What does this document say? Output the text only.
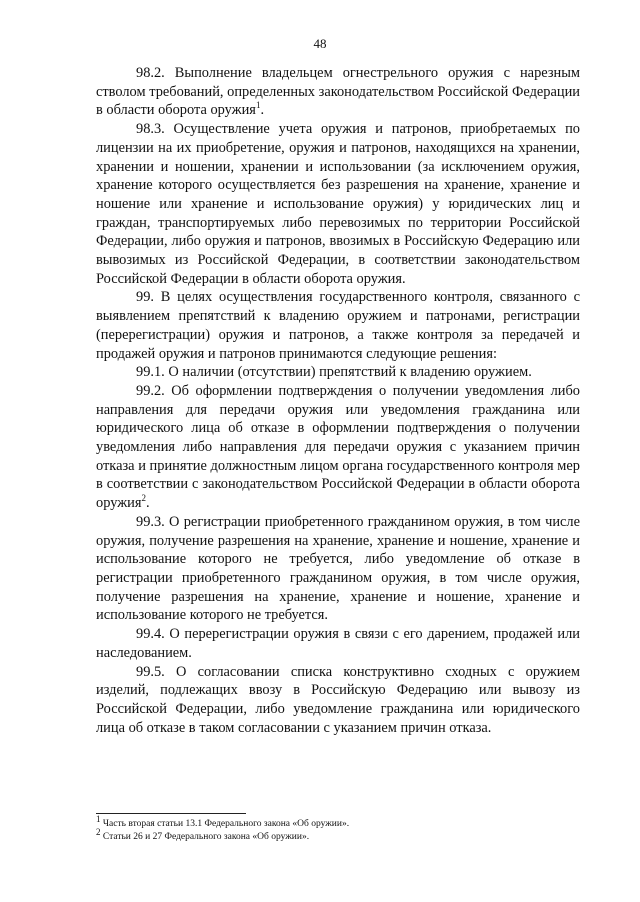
48

98.2. Выполнение владельцем огнестрельного оружия с нарезным стволом требований, определенных законодательством Российской Федерации в области оборота оружия$^1$.

98.3. Осуществление учета оружия и патронов, приобретаемых по лицензии на их приобретение, оружия и патронов, находящихся на хранении, хранении и ношении, хранении и использовании (за исключением оружия, хранение которого осуществляется без разрешения на хранение, хранение и ношение или хранение и использование оружия) у юридических лиц и граждан, транспортируемых либо перевозимых по территории Российской Федерации, либо оружия и патронов, ввозимых в Российскую Федерацию или вывозимых из Российской Федерации, в соответствии законодательством Российской Федерации в области оборота оружия.

99. В целях осуществления государственного контроля, связанного с выявлением препятствий к владению оружием и патронами, регистрации (перерегистрации) оружия и патронов, а также контроля за передачей и продажей оружия и патронов принимаются следующие решения:

99.1. О наличии (отсутствии) препятствий к владению оружием.

99.2. Об оформлении подтверждения о получении уведомления либо направления для передачи оружия или уведомления гражданина или юридического лица об отказе в оформлении подтверждения о получении уведомления либо направления для передачи оружия с указанием причин отказа и принятие должностным лицом органа государственного контроля мер в соответствии с законодательством Российской Федерации в области оборота оружия$^2$.

99.3. О регистрации приобретенного гражданином оружия, в том числе оружия, получение разрешения на хранение, хранение и ношение, хранение и использование которого не требуется, либо уведомление об отказе в регистрации приобретенного гражданином оружия, в том числе оружия, получение разрешения на хранение, хранение и ношение, хранение и использование которого не требуется.

99.4. О перерегистрации оружия в связи с его дарением, продажей или наследованием.

99.5. О согласовании списка конструктивно сходных с оружием изделий, подлежащих ввозу в Российскую Федерацию или вывозу из Российской Федерации, либо уведомление гражданина или юридического лица об отказе в таком согласовании с указанием причин отказа.

$^1$ Часть вторая статьи 13.1 Федерального закона «Об оружии».

$^2$ Статьи 26 и 27 Федерального закона «Об оружии».
